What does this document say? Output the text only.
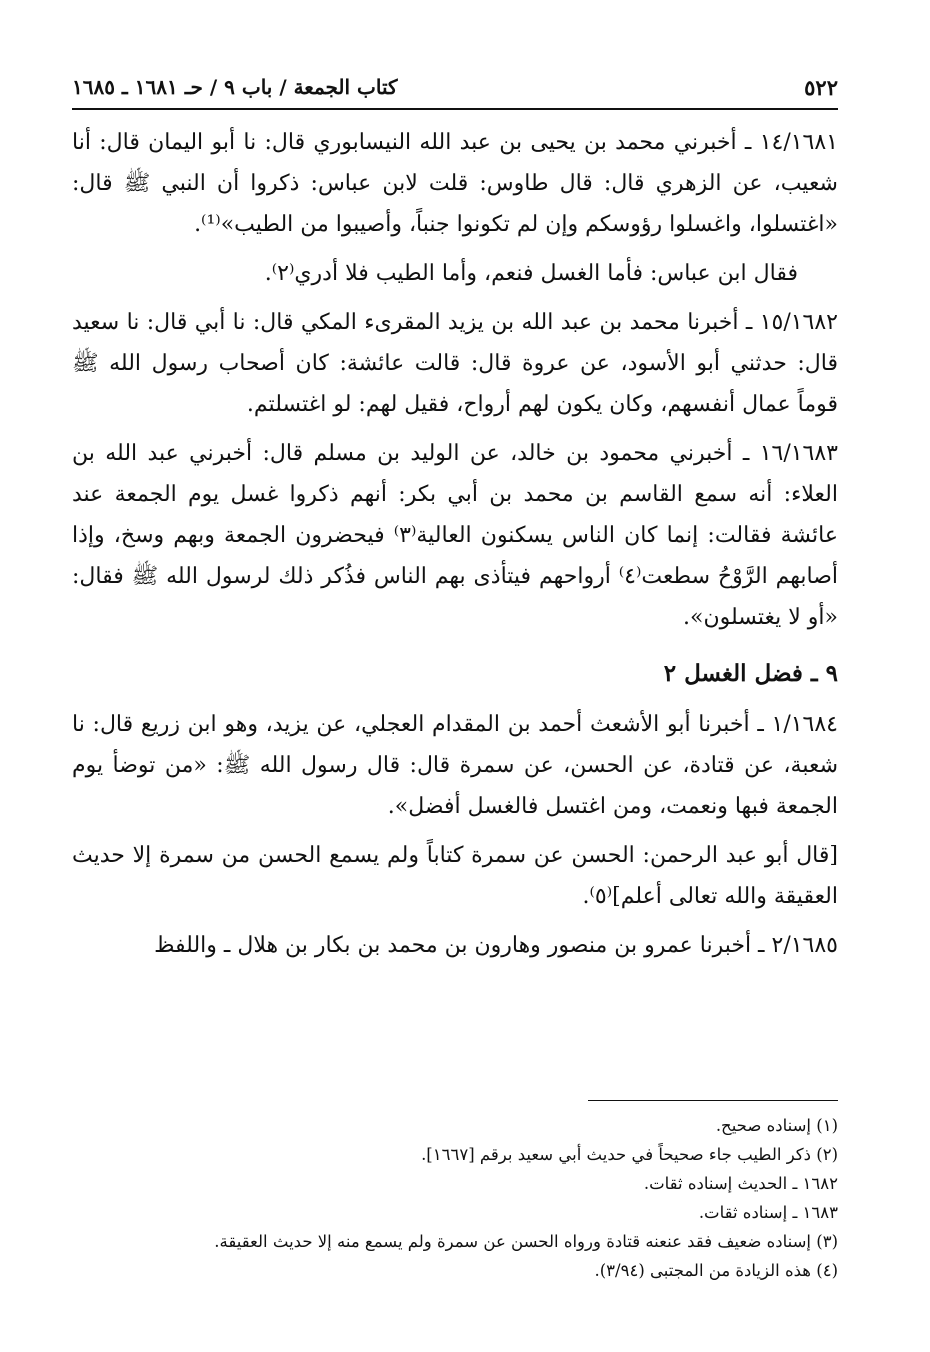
٥٢٢
كتاب الجمعة / باب ٩ / حـ ١٦٨١ ـ ١٦٨٥

١٤/١٦٨١ ـ أخبرني محمد بن يحيى بن عبد الله النيسابوري قال: نا أبو اليمان قال: أنا شعيب، عن الزهري قال: قال طاوس: قلت لابن عباس: ذكروا أن النبي ﷺ قال: «اغتسلوا، واغسلوا رؤوسكم وإن لم تكونوا جنباً، وأصيبوا من الطيب»⁽¹⁾.

فقال ابن عباس: فأما الغسل فنعم، وأما الطيب فلا أدري⁽٢⁾.

١٥/١٦٨٢ ـ أخبرنا محمد بن عبد الله بن يزيد المقرىء المكي قال: نا أبي قال: نا سعيد قال: حدثني أبو الأسود، عن عروة قال: قالت عائشة: كان أصحاب رسول الله ﷺ قوماً عمال أنفسهم، وكان يكون لهم أرواح، فقيل لهم: لو اغتسلتم.

١٦/١٦٨٣ ـ أخبرني محمود بن خالد، عن الوليد بن مسلم قال: أخبرني عبد الله بن العلاء: أنه سمع القاسم بن محمد بن أبي بكر: أنهم ذكروا غسل يوم الجمعة عند عائشة فقالت: إنما كان الناس يسكنون العالية⁽٣⁾ فيحضرون الجمعة وبهم وسخ، وإذا أصابهم الرَّوْحُ سطعت⁽٤⁾ أرواحهم فيتأذى بهم الناس فذُكر ذلك لرسول الله ﷺ فقال: «أو لا يغتسلون».

٩ ـ فضل الغسل ٢

١/١٦٨٤ ـ أخبرنا أبو الأشعث أحمد بن المقدام العجلي، عن يزيد، وهو ابن زريع قال: نا شعبة، عن قتادة، عن الحسن، عن سمرة قال: قال رسول الله ﷺ: «من توضأ يوم الجمعة فبها ونعمت، ومن اغتسل فالغسل أفضل».

[قال أبو عبد الرحمن: الحسن عن سمرة كتاباً ولم يسمع الحسن من سمرة إلا حديث العقيقة والله تعالى أعلم]⁽٥⁾.

٢/١٦٨٥ ـ أخبرنا عمرو بن منصور وهارون بن محمد بن بكار بن هلال ـ واللفظ

(١) إسناده صحيح.
(٢) ذكر الطيب جاء صحيحاً في حديث أبي سعيد برقم [١٦٦٧].
١٦٨٢ ـ الحديث إسناده ثقات.
١٦٨٣ ـ إسناده ثقات.
(٣) إسناده ضعيف فقد عنعنه قتادة ورواه الحسن عن سمرة ولم يسمع منه إلا حديث العقيقة.
(٤) هذه الزيادة من المجتبى (٣/٩٤).
